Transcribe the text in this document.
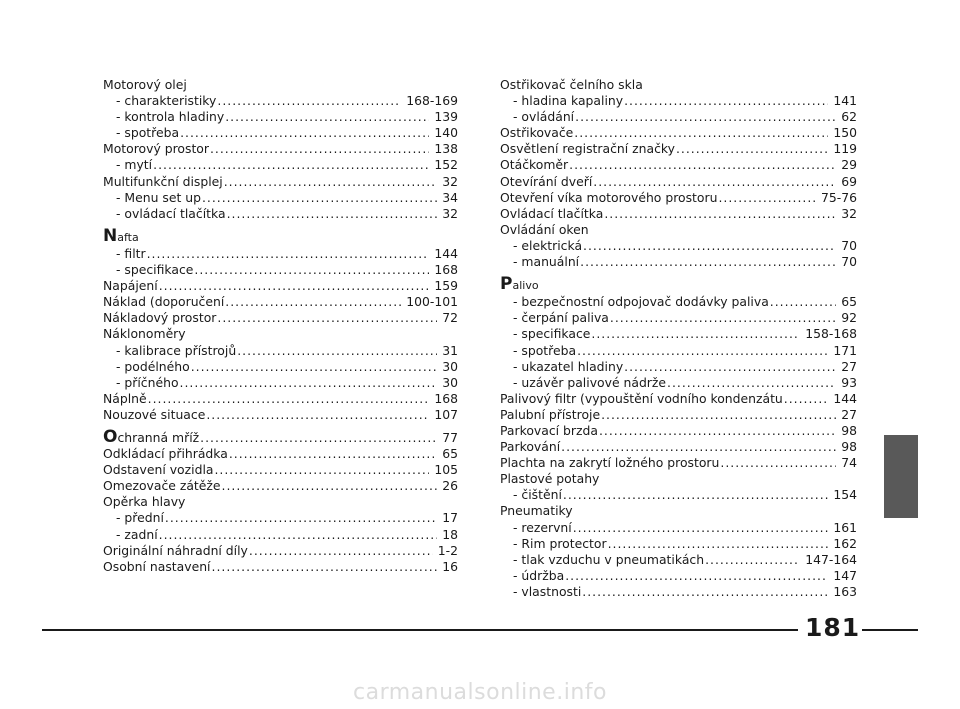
Motorový olej
- charakteristiky .....	168-169
- kontrola hladiny .....	139
- spotřeba .....	140
Motorový prostor .....	138
- mytí .....	152
Multifunkční displej .....	32
- Menu set up .....	34
- ovládací tlačítka .....	32
Nafta
- filtr .....	144
- specifikace .....	168
Napájení .....	159
Náklad (doporučení .....	100-101
Nákladový prostor .....	72
Náklonoměry
- kalibrace přístrojů .....	31
- podélného .....	30
- příčného .....	30
Náplně .....	168
Nouzové situace .....	107
Ochranná mříž .....	77
Odkládací přihrádka .....	65
Odstavení vozidla .....	105
Omezovače zátěže .....	26
Opěrka hlavy
- přední .....	17
- zadní .....	18
Originální náhradní díly .....	1-2
Osobní nastavení .....	16
Ostřikovač čelního skla
- hladina kapaliny .....	141
- ovládání .....	62
Ostřikovače .....	150
Osvětlení registrační značky .....	119
Otáčkoměr .....	29
Otevírání dveří .....	69
Otevření víka motorového prostoru .....	75-76
Ovládací tlačítka .....	32
Ovládání oken
- elektrická .....	70
- manuální .....	70
Palivo
- bezpečnostní odpojovač dodávky paliva .....	65
- čerpání paliva .....	92
- specifikace .....	158-168
- spotřeba .....	171
- ukazatel hladiny .....	27
- uzávěr palivové nádrže .....	93
Palivový filtr (vypouštění vodního kondenzátu .....	144
Palubní přístroje .....	27
Parkovací brzda .....	98
Parkování .....	98
Plachta na zakrytí ložného prostoru .....	74
Plastové potahy
- čištění .....	154
Pneumatiky
- rezervní .....	161
- Rim protector .....	162
- tlak vzduchu v pneumatikách .....	147-164
- údržba .....	147
- vlastnosti .....	163
181
carmanualsonline.info
